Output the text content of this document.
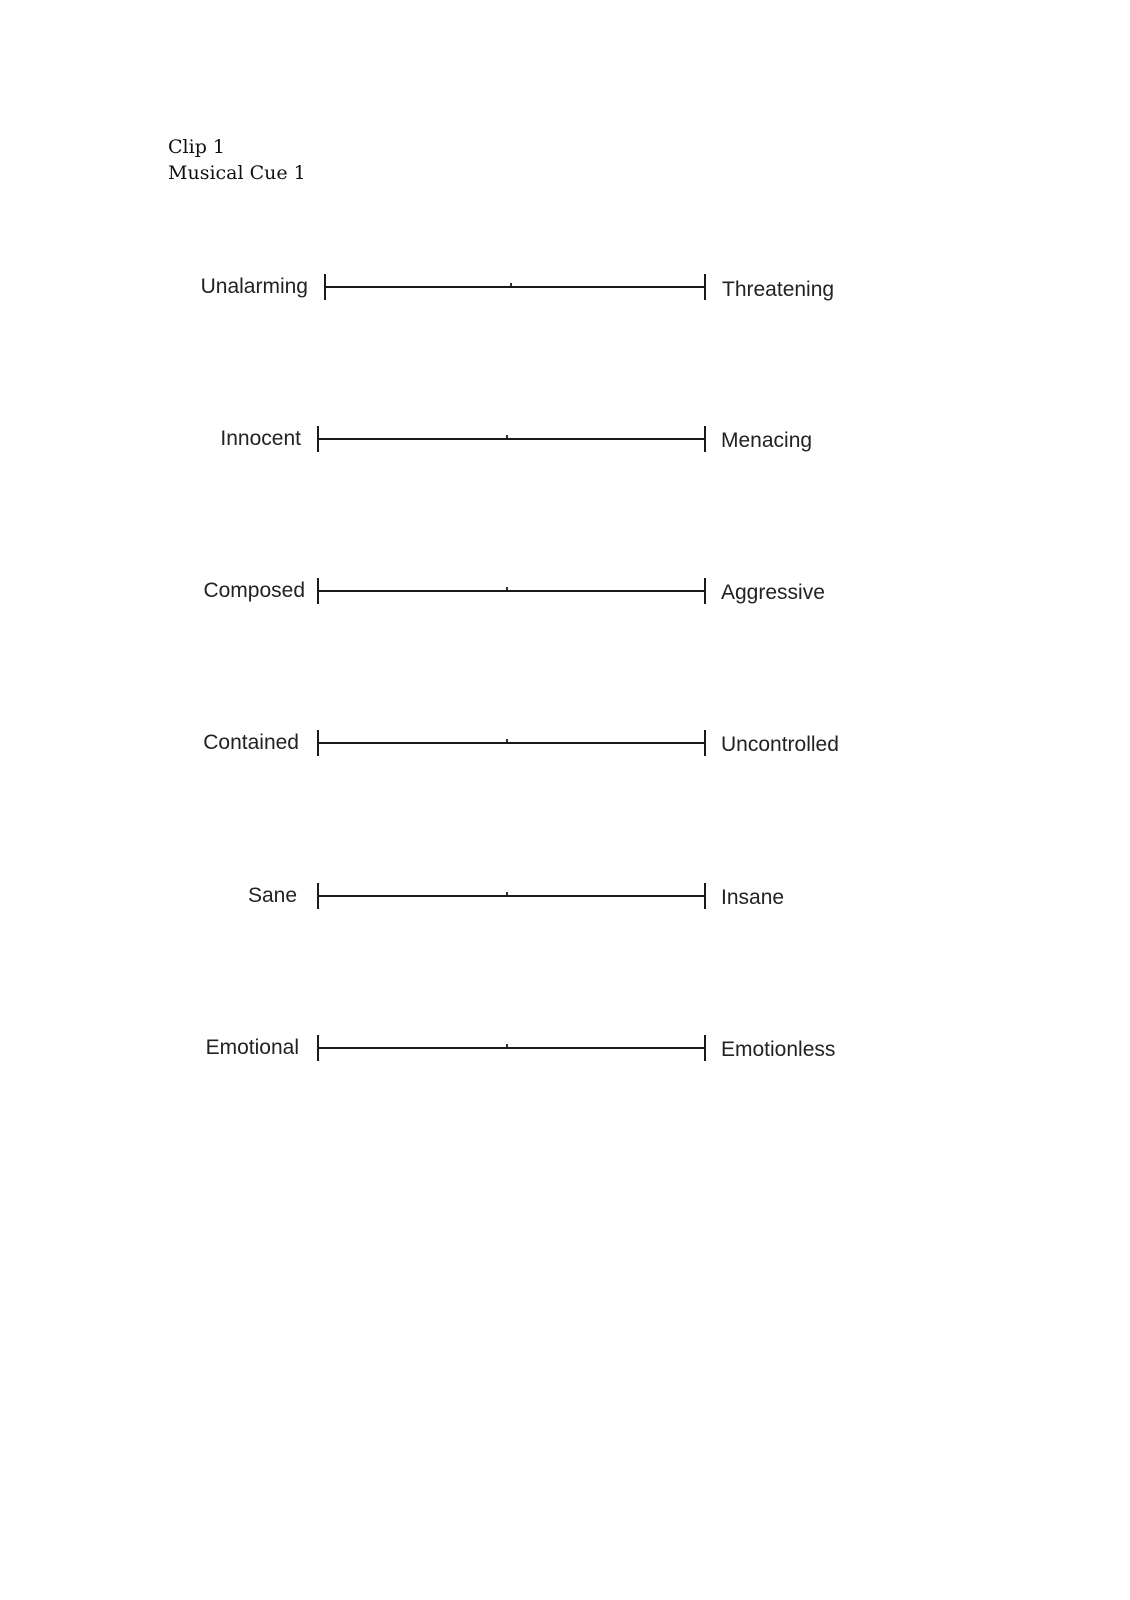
Clip 1
Musical Cue 1
Unalarming	Threatening
Innocent	Menacing
Composed	Aggressive
Contained	Uncontrolled
Sane	Insane
Emotional	Emotionless
